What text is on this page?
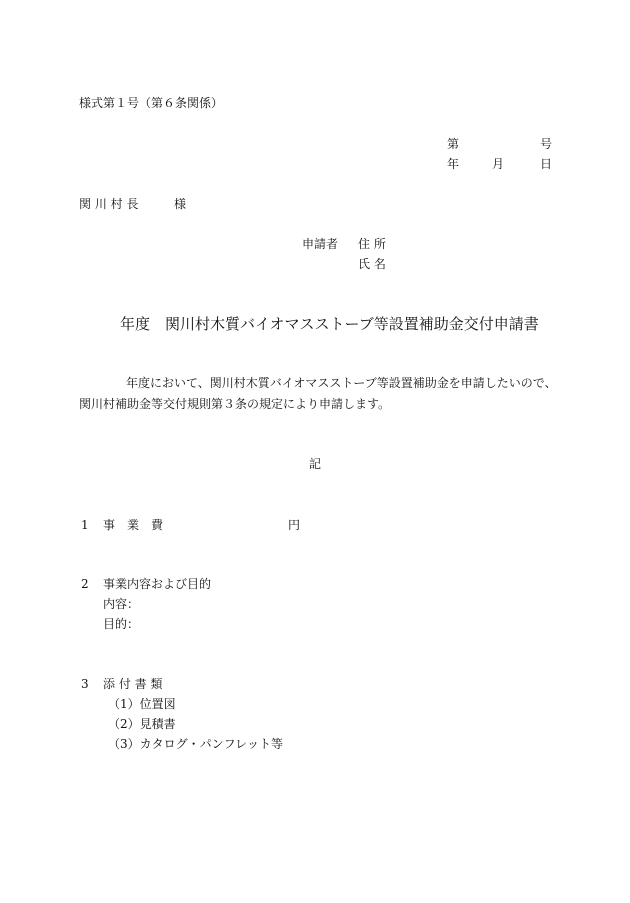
様式第１号（第６条関係）
第	号
年	月	日
関 川 村 長	様
申請者 住 所
氏 名
年度　関川村木質バイオマスストーブ等設置補助金交付申請書
年度において、関川村木質バイオマスストーブ等設置補助金を申請したいので、
関川村補助金等交付規則第３条の規定により申請します。
記
1 事　業　費	円
2 事業内容および目的
内容：
目的：
3 添 付 書 類
（1）位置図
（2）見積書
（3）カタログ・パンフレット等
